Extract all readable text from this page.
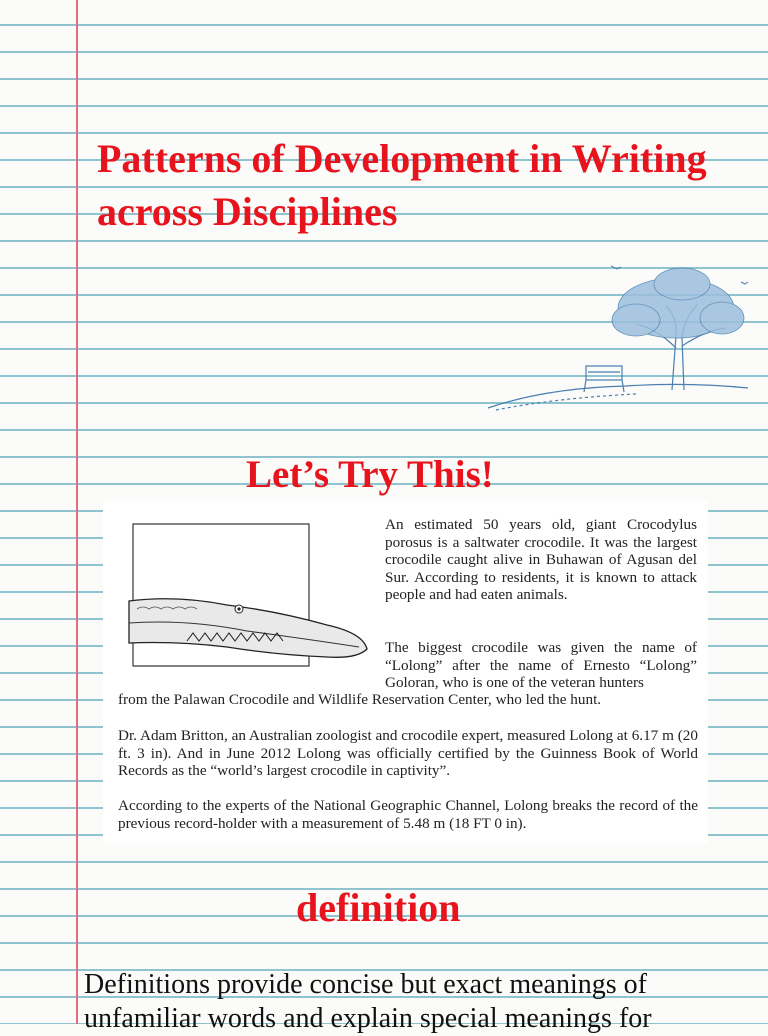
Patterns of Development in Writing across Disciplines
Let’s Try This!

An estimated 50 years old, giant Crocodylus porosus is a saltwater crocodile. It was the largest crocodile caught alive in Buhawan of Agusan del Sur. According to residents, it is known to attack people and had eaten animals.

The biggest crocodile was given the name of “Lolong” after the name of Ernesto “Lolong” Goloran, who is one of the veteran hunters

from the Palawan Crocodile and Wildlife Reservation Center, who led the hunt.

Dr. Adam Britton, an Australian zoologist and crocodile expert, measured Lolong at 6.17 m (20 ft. 3 in). And in June 2012 Lolong was officially certified by the Guinness Book of World Records as the “world’s largest crocodile in captivity”.

According to the experts of the National Geographic Channel, Lolong breaks the record of the previous record-holder with a measurement of 5.48 m (18 FT 0 in).

definition

Definitions provide concise but exact meanings of unfamiliar words and explain special meanings for
